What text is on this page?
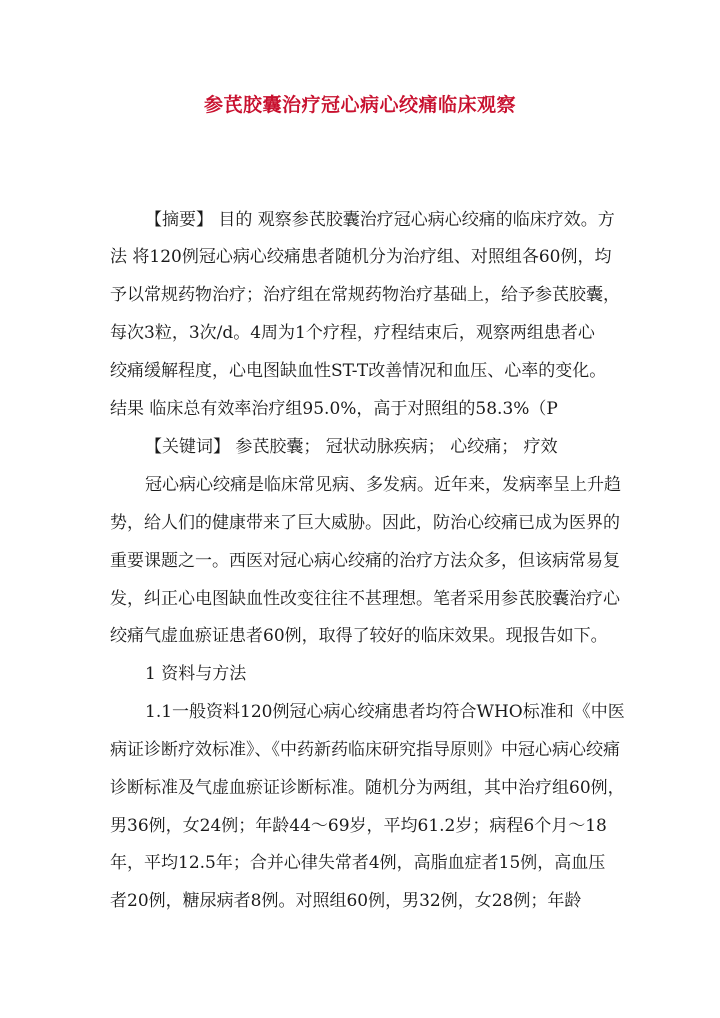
参芪胶囊治疗冠心病心绞痛临床观察
【摘要】 目的 观察参芪胶囊治疗冠心病心绞痛的临床疗效。方
法 将120例冠心病心绞痛患者随机分为治疗组、对照组各60例，均
予以常规药物治疗；治疗组在常规药物治疗基础上，给予参芪胶囊，
每次3粒，3次/d。4周为1个疗程，疗程结束后，观察两组患者心
绞痛缓解程度，心电图缺血性ST-T改善情况和血压、心率的变化。
结果 临床总有效率治疗组95.0%，高于对照组的58.3%（P
【关键词】 参芪胶囊； 冠状动脉疾病； 心绞痛； 疗效
冠心病心绞痛是临床常见病、多发病。近年来，发病率呈上升趋
势，给人们的健康带来了巨大威胁。因此，防治心绞痛已成为医界的
重要课题之一。西医对冠心病心绞痛的治疗方法众多，但该病常易复
发，纠正心电图缺血性改变往往不甚理想。笔者采用参芪胶囊治疗心
绞痛气虚血瘀证患者60例，取得了较好的临床效果。现报告如下。
1 资料与方法
1.1一般资料120例冠心病心绞痛患者均符合WHO标准和《中医
病证诊断疗效标准》、《中药新药临床研究指导原则》中冠心病心绞痛
诊断标准及气虚血瘀证诊断标准。随机分为两组，其中治疗组60例，
男36例，女24例；年龄44～69岁，平均61.2岁；病程6个月～18
年，平均12.5年；合并心律失常者4例，高脂血症者15例，高血压
者20例，糖尿病者8例。对照组60例，男32例，女28例；年龄
